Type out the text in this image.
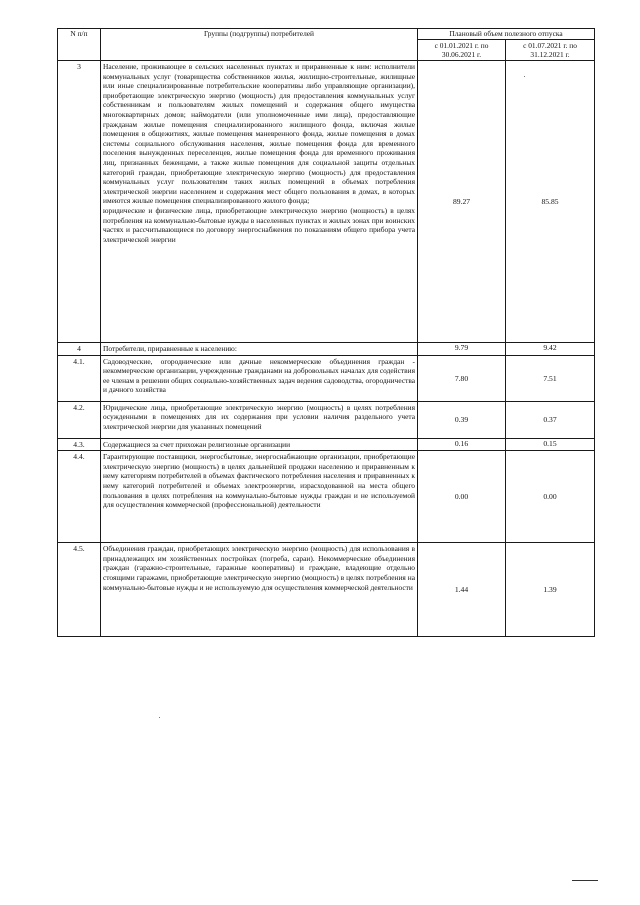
N п/п	Группы (подгруппы) потребителей	Плановый объем полезного отпуска	
		с 01.01.2021 г. по 30.06.2021 г.	с 01.07.2021 г. по 31.12.2021 г.
3	Население, проживающее в сельских населенных пунктах и приравненные к ним: исполнители коммунальных услуг (товарищества собственников жилья, жилищно-строительные, жилищные или иные специализированные потребительские кооперативы либо управляющие организации), приобретающие электрическую энергию (мощность) для предоставления коммунальных услуг собственникам и пользователям жилых помещений и содержания общего имущества многоквартирных домов; наймодатели (или уполномоченные ими лица), предоставляющие гражданам жилые помещения специализированного жилищного фонда, включая жилые помещения в общежитиях, жилые помещения маневренного фонда, жилые помещения в домах системы социального обслуживания населения, жилые помещения фонда для временного поселения вынужденных переселенцев, жилые помещения фонда для временного проживания лиц, признанных беженцами, а также жилые помещения для социальной защиты отдельных категорий граждан, приобретающие электрическую энергию (мощность) для предоставления коммунальных услуг пользователям таких жилых помещений в объемах потребления электрической энергии населением и содержания мест общего пользования в домах, в которых имеются жилые помещения специализированного жилого фонда;

юридические и физические лица, приобретающие электрическую энергию (мощность) в целях потребления на коммунально-бытовые нужды в населенных пунктах и жилых зонах при воинских частях и рассчитывающиеся по договору энергоснабжения по показаниям общего прибора учета электрической энергии	89.27	85.85
4	Потребители, приравненные к населению:	9.79	9.42
4.1.	Садоводческие, огороднические или дачные некоммерческие объединения граждан - некоммерческие организации, учрежденные гражданами на добровольных началах для содействия ее членам в решении общих социально-хозяйственных задач ведения садоводства, огородничества и дачного хозяйства	7.80	7.51
4.2.	Юридические лица, приобретающие электрическую энергию (мощность) в целях потребления осужденными в помещениях для их содержания при условии наличия раздельного учета электрической энергии для указанных помещений	0.39	0.37
4.3.	Содержащиеся за счет прихожан религиозные организации	0.16	0.15
4.4.	Гарантирующие поставщики, энергосбытовые, энергоснабжающие организации, приобретающие электрическую энергию (мощность) в целях дальнейшей продажи населению и приравненным к нему категориям потребителей в объемах фактического потребления населения и приравненных к нему категорий потребителей и объемах электроэнергии, израсходованной на места общего пользования в целях потребления на коммунально-бытовые нужды граждан и не используемой для осуществления коммерческой (профессиональной) деятельности	0.00	0.00
4.5.	Объединения граждан, приобретающих электрическую энергию (мощность) для использования в принадлежащих им хозяйственных постройках (погреба, сараи). Некоммерческие объединения граждан (гаражно-строительные, гаражные кооперативы) и граждане, владеющие отдельно стоящими гаражами, приобретающие электрическую энергию (мощность) в целях потребления на коммунально-бытовые нужды и не используемую для осуществления коммерческой деятельности	1.44	1.39
